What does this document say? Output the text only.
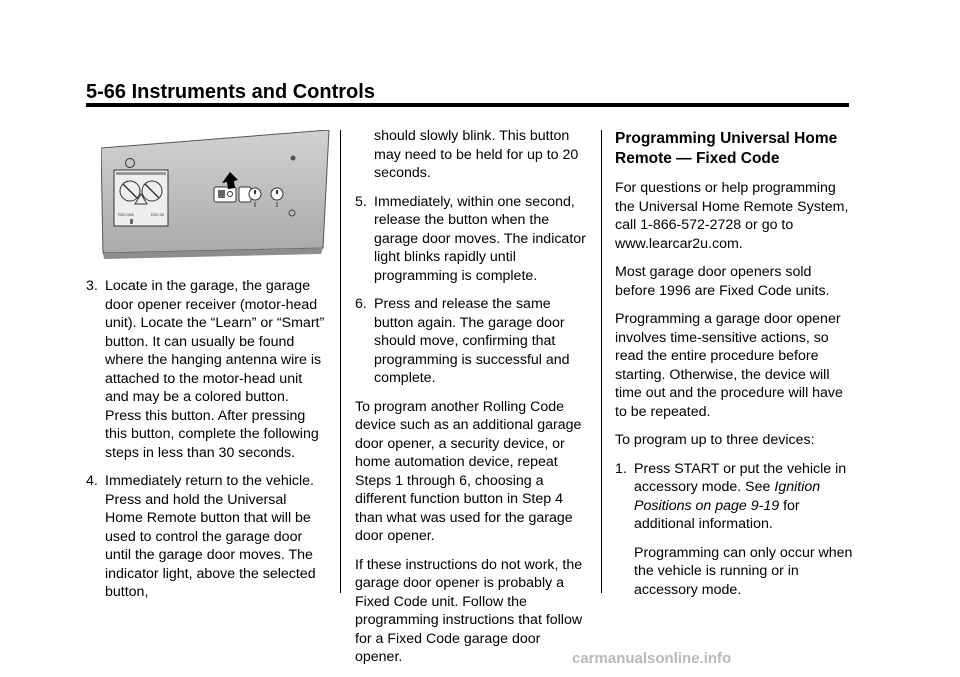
5-66 Instruments and Controls
RZ0 00A	RZ0 00
3. Locate in the garage, the garage door opener receiver (motor-head unit). Locate the “Learn” or “Smart” button. It can usually be found where the hanging antenna wire is attached to the motor-head unit and may be a colored button. Press this button. After pressing this button, complete the following steps in less than 30 seconds.
4. Immediately return to the vehicle. Press and hold the Universal Home Remote button that will be used to control the garage door until the garage door moves. The indicator light, above the selected button,
should slowly blink. This button may need to be held for up to 20 seconds.
5. Immediately, within one second, release the button when the garage door moves. The indicator light blinks rapidly until programming is complete.
6. Press and release the same button again. The garage door should move, confirming that programming is successful and complete.

To program another Rolling Code device such as an additional garage door opener, a security device, or home automation device, repeat Steps 1 through 6, choosing a different function button in Step 4 than what was used for the garage door opener.

If these instructions do not work, the garage door opener is probably a Fixed Code unit. Follow the programming instructions that follow for a Fixed Code garage door opener.

Programming Universal Home Remote — Fixed Code

For questions or help programming the Universal Home Remote System, call 1-866-572-2728 or go to www.learcar2u.com.

Most garage door openers sold before 1996 are Fixed Code units.

Programming a garage door opener involves time-sensitive actions, so read the entire procedure before starting. Otherwise, the device will time out and the procedure will have to be repeated.

To program up to three devices:

1. Press START or put the vehicle in accessory mode. See Ignition Positions on page 9-19 for additional information.

Programming can only occur when the vehicle is running or in accessory mode.

carmanualsonline.info
